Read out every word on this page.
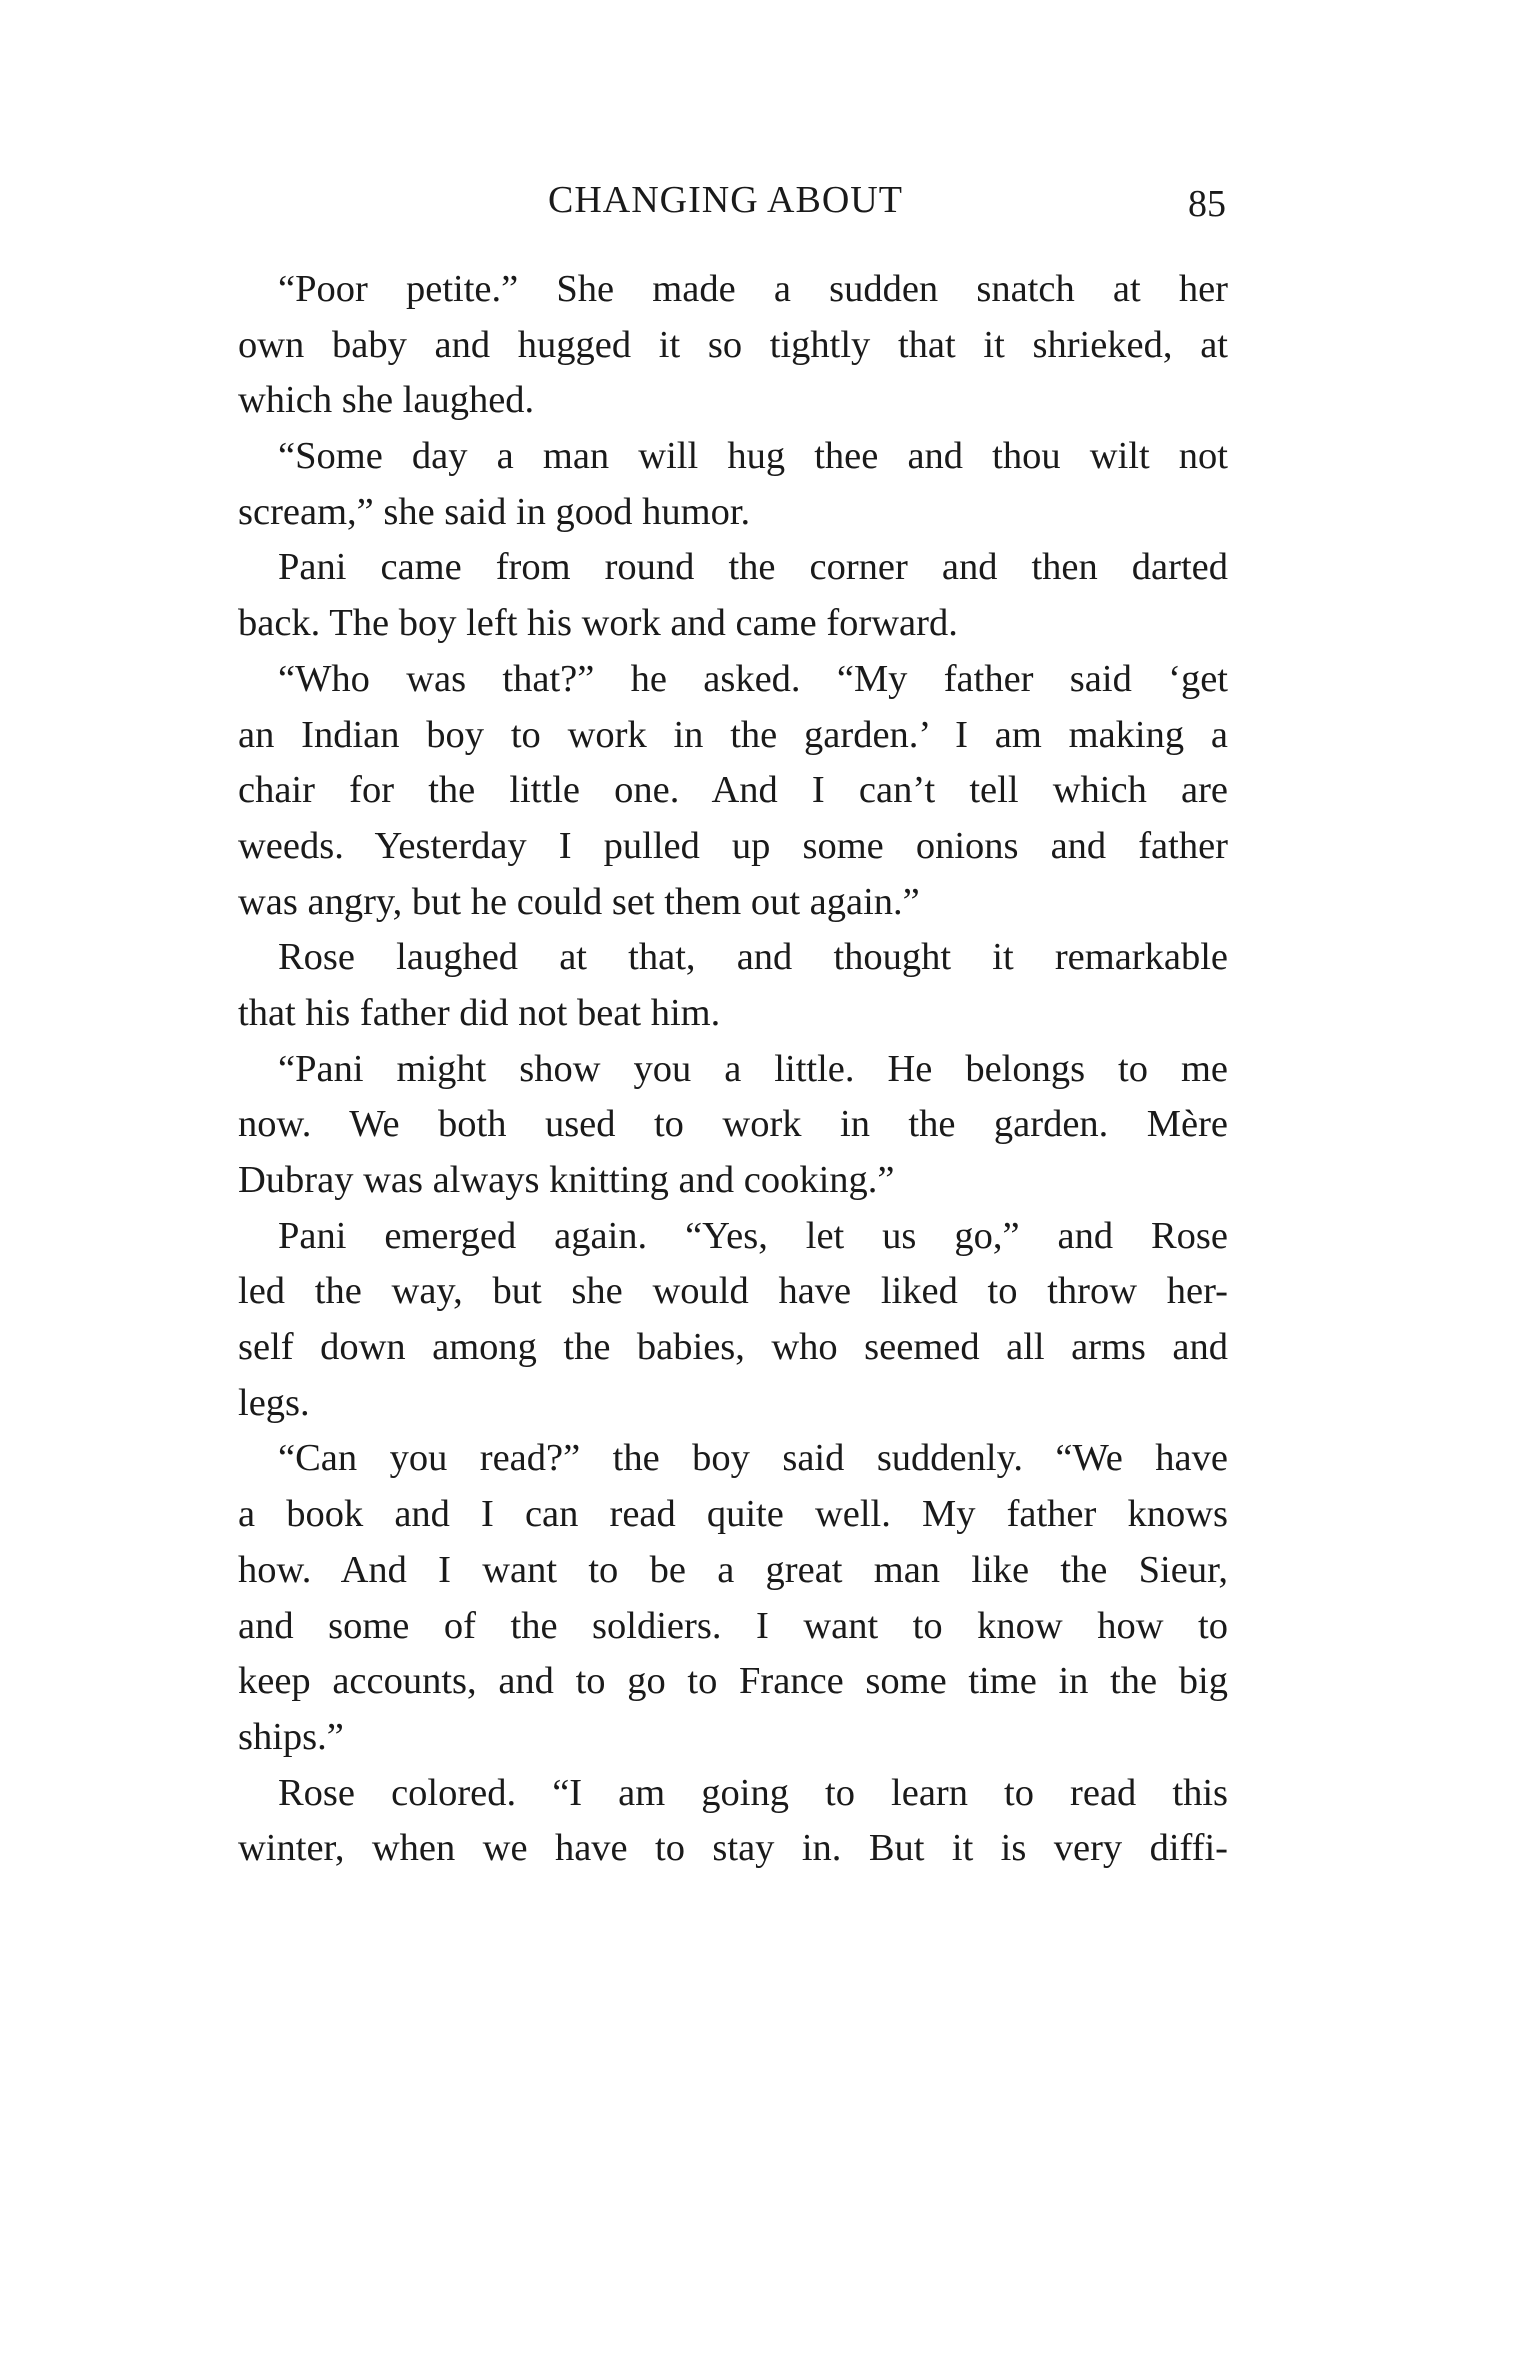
CHANGING ABOUT	85
“Poor petite.” She made a sudden snatch at her
own baby and hugged it so tightly that it shrieked, at
which she laughed.
“Some day a man will hug thee and thou wilt not
scream,” she said in good humor.
Pani came from round the corner and then darted
back. The boy left his work and came forward.
“Who was that?” he asked. “My father said ‘get
an Indian boy to work in the garden.’ I am making a
chair for the little one. And I can’t tell which are
weeds. Yesterday I pulled up some onions and father
was angry, but he could set them out again.”
Rose laughed at that, and thought it remarkable
that his father did not beat him.
“Pani might show you a little. He belongs to me
now. We both used to work in the garden. Mère
Dubray was always knitting and cooking.”
Pani emerged again. “Yes, let us go,” and Rose
led the way, but she would have liked to throw her-
self down among the babies, who seemed all arms and
legs.
“Can you read?” the boy said suddenly. “We have
a book and I can read quite well. My father knows
how. And I want to be a great man like the Sieur,
and some of the soldiers. I want to know how to
keep accounts, and to go to France some time in the big
ships.”
Rose colored. “I am going to learn to read this
winter, when we have to stay in. But it is very diffi-
